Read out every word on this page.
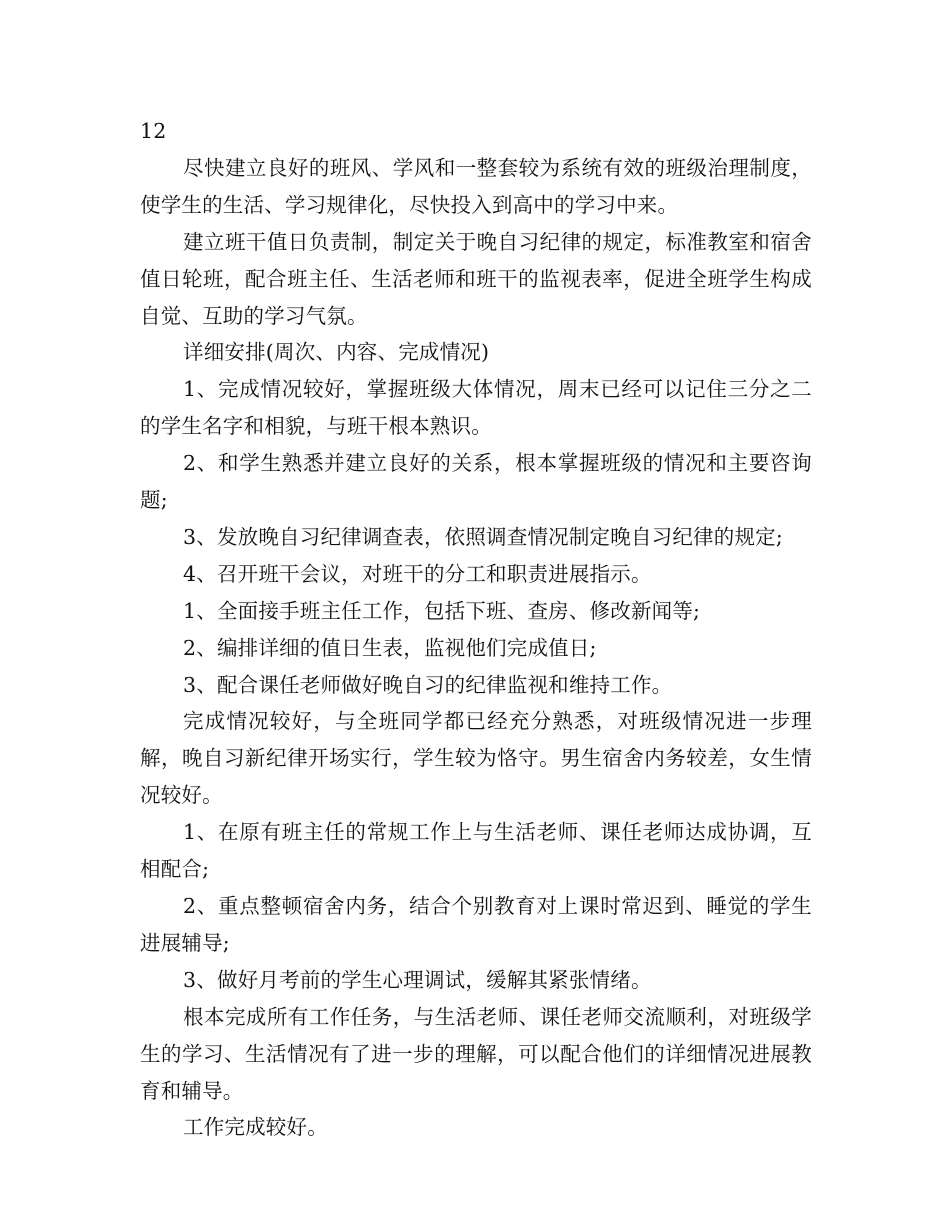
12

尽快建立良好的班风、学风和一整套较为系统有效的班级治理制度，使学生的生活、学习规律化，尽快投入到高中的学习中来。

建立班干值日负责制，制定关于晚自习纪律的规定，标准教室和宿舍值日轮班，配合班主任、生活老师和班干的监视表率，促进全班学生构成自觉、互助的学习气氛。

详细安排(周次、内容、完成情况)

1、完成情况较好，掌握班级大体情况，周末已经可以记住三分之二的学生名字和相貌，与班干根本熟识。

2、和学生熟悉并建立良好的关系，根本掌握班级的情况和主要咨询题;

3、发放晚自习纪律调查表，依照调查情况制定晚自习纪律的规定;

4、召开班干会议，对班干的分工和职责进展指示。

1、全面接手班主任工作，包括下班、查房、修改新闻等;

2、编排详细的值日生表，监视他们完成值日;

3、配合课任老师做好晚自习的纪律监视和维持工作。

完成情况较好，与全班同学都已经充分熟悉，对班级情况进一步理解，晚自习新纪律开场实行，学生较为恪守。男生宿舍内务较差，女生情况较好。

1、在原有班主任的常规工作上与生活老师、课任老师达成协调，互相配合;

2、重点整顿宿舍内务，结合个别教育对上课时常迟到、睡觉的学生进展辅导;

3、做好月考前的学生心理调试，缓解其紧张情绪。

根本完成所有工作任务，与生活老师、课任老师交流顺利，对班级学生的学习、生活情况有了进一步的理解，可以配合他们的详细情况进展教育和辅导。

工作完成较好。
